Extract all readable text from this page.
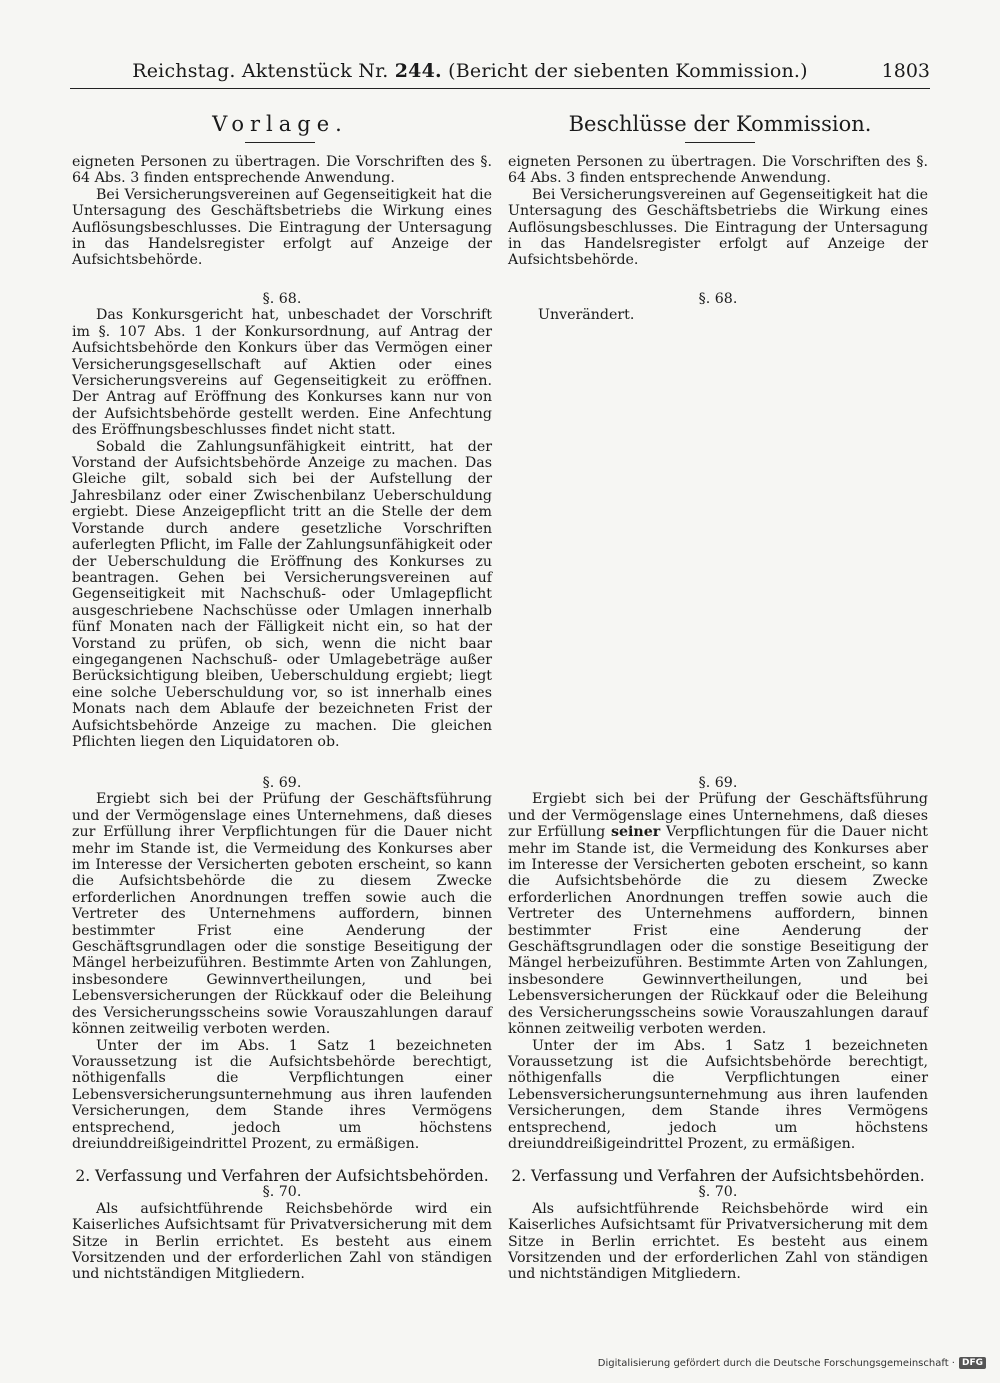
Reichstag. Aktenstück Nr. 244. (Bericht der siebenten Kommission.)	1803
Vorlage.	Beschlüsse der Kommission.

eigneten Personen zu übertragen. Die Vorschriften des §. 64 Abs. 3 finden entsprechende Anwendung.

Bei Versicherungsvereinen auf Gegenseitigkeit hat die Untersagung des Geschäftsbetriebs die Wirkung eines Auflösungsbeschlusses. Die Eintragung der Untersagung in das Handelsregister erfolgt auf Anzeige der Aufsichtsbehörde.

§. 68.

Das Konkursgericht hat, unbeschadet der Vorschrift im §. 107 Abs. 1 der Konkursordnung, auf Antrag der Aufsichtsbehörde den Konkurs über das Vermögen einer Versicherungsgesellschaft auf Aktien oder eines Versicherungsvereins auf Gegenseitigkeit zu eröffnen. Der Antrag auf Eröffnung des Konkurses kann nur von der Aufsichtsbehörde gestellt werden. Eine Anfechtung des Eröffnungsbeschlusses findet nicht statt.

Sobald die Zahlungsunfähigkeit eintritt, hat der Vorstand der Aufsichtsbehörde Anzeige zu machen. Das Gleiche gilt, sobald sich bei der Aufstellung der Jahresbilanz oder einer Zwischenbilanz Ueberschuldung ergiebt. Diese Anzeigepflicht tritt an die Stelle der dem Vorstande durch andere gesetzliche Vorschriften auferlegten Pflicht, im Falle der Zahlungsunfähigkeit oder der Ueberschuldung die Eröffnung des Konkurses zu beantragen. Gehen bei Versicherungsvereinen auf Gegenseitigkeit mit Nachschuß- oder Umlagepflicht ausgeschriebene Nachschüsse oder Umlagen innerhalb fünf Monaten nach der Fälligkeit nicht ein, so hat der Vorstand zu prüfen, ob sich, wenn die nicht baar eingegangenen Nachschuß- oder Umlagebeträge außer Berücksichtigung bleiben, Ueberschuldung ergiebt; liegt eine solche Ueberschuldung vor, so ist innerhalb eines Monats nach dem Ablaufe der bezeichneten Frist der Aufsichtsbehörde Anzeige zu machen. Die gleichen Pflichten liegen den Liquidatoren ob.

§. 69.

Ergiebt sich bei der Prüfung der Geschäftsführung und der Vermögenslage eines Unternehmens, daß dieses zur Erfüllung ihrer Verpflichtungen für die Dauer nicht mehr im Stande ist, die Vermeidung des Konkurses aber im Interesse der Versicherten geboten erscheint, so kann die Aufsichtsbehörde die zu diesem Zwecke erforderlichen Anordnungen treffen sowie auch die Vertreter des Unternehmens auffordern, binnen bestimmter Frist eine Aenderung der Geschäftsgrundlagen oder die sonstige Beseitigung der Mängel herbeizuführen. Bestimmte Arten von Zahlungen, insbesondere Gewinnvertheilungen, und bei Lebensversicherungen der Rückkauf oder die Beleihung des Versicherungsscheins sowie Vorauszahlungen darauf können zeitweilig verboten werden.

Unter der im Abs. 1 Satz 1 bezeichneten Voraussetzung ist die Aufsichtsbehörde berechtigt, nöthigenfalls die Verpflichtungen einer Lebensversicherungsunternehmung aus ihren laufenden Versicherungen, dem Stande ihres Vermögens entsprechend, jedoch um höchstens dreiunddreißigeindrittel Prozent, zu ermäßigen.

2. Verfassung und Verfahren der Aufsichtsbehörden.

§. 70.

Als aufsichtführende Reichsbehörde wird ein Kaiserliches Aufsichtsamt für Privatversicherung mit dem Sitze in Berlin errichtet. Es besteht aus einem Vorsitzenden und der erforderlichen Zahl von ständigen und nichtständigen Mitgliedern.

eigneten Personen zu übertragen. Die Vorschriften des §. 64 Abs. 3 finden entsprechende Anwendung.

Bei Versicherungsvereinen auf Gegenseitigkeit hat die Untersagung des Geschäftsbetriebs die Wirkung eines Auflösungsbeschlusses. Die Eintragung der Untersagung in das Handelsregister erfolgt auf Anzeige der Aufsichtsbehörde.

§. 68.

Unverändert.

§. 69.

Ergiebt sich bei der Prüfung der Geschäftsführung und der Vermögenslage eines Unternehmens, daß dieses zur Erfüllung seiner Verpflichtungen für die Dauer nicht mehr im Stande ist, die Vermeidung des Konkurses aber im Interesse der Versicherten geboten erscheint, so kann die Aufsichtsbehörde die zu diesem Zwecke erforderlichen Anordnungen treffen sowie auch die Vertreter des Unternehmens auffordern, binnen bestimmter Frist eine Aenderung der Geschäftsgrundlagen oder die sonstige Beseitigung der Mängel herbeizuführen. Bestimmte Arten von Zahlungen, insbesondere Gewinnvertheilungen, und bei Lebensversicherungen der Rückkauf oder die Beleihung des Versicherungsscheins sowie Vorauszahlungen darauf können zeitweilig verboten werden.

Unter der im Abs. 1 Satz 1 bezeichneten Voraussetzung ist die Aufsichtsbehörde berechtigt, nöthigenfalls die Verpflichtungen einer Lebensversicherungsunternehmung aus ihren laufenden Versicherungen, dem Stande ihres Vermögens entsprechend, jedoch um höchstens dreiunddreißigeindrittel Prozent, zu ermäßigen.

2. Verfassung und Verfahren der Aufsichtsbehörden.

§. 70.

Als aufsichtführende Reichsbehörde wird ein Kaiserliches Aufsichtsamt für Privatversicherung mit dem Sitze in Berlin errichtet. Es besteht aus einem Vorsitzenden und der erforderlichen Zahl von ständigen und nichtständigen Mitgliedern.

Digitalisierung gefördert durch die Deutsche Forschungsgemeinschaft · DFG
